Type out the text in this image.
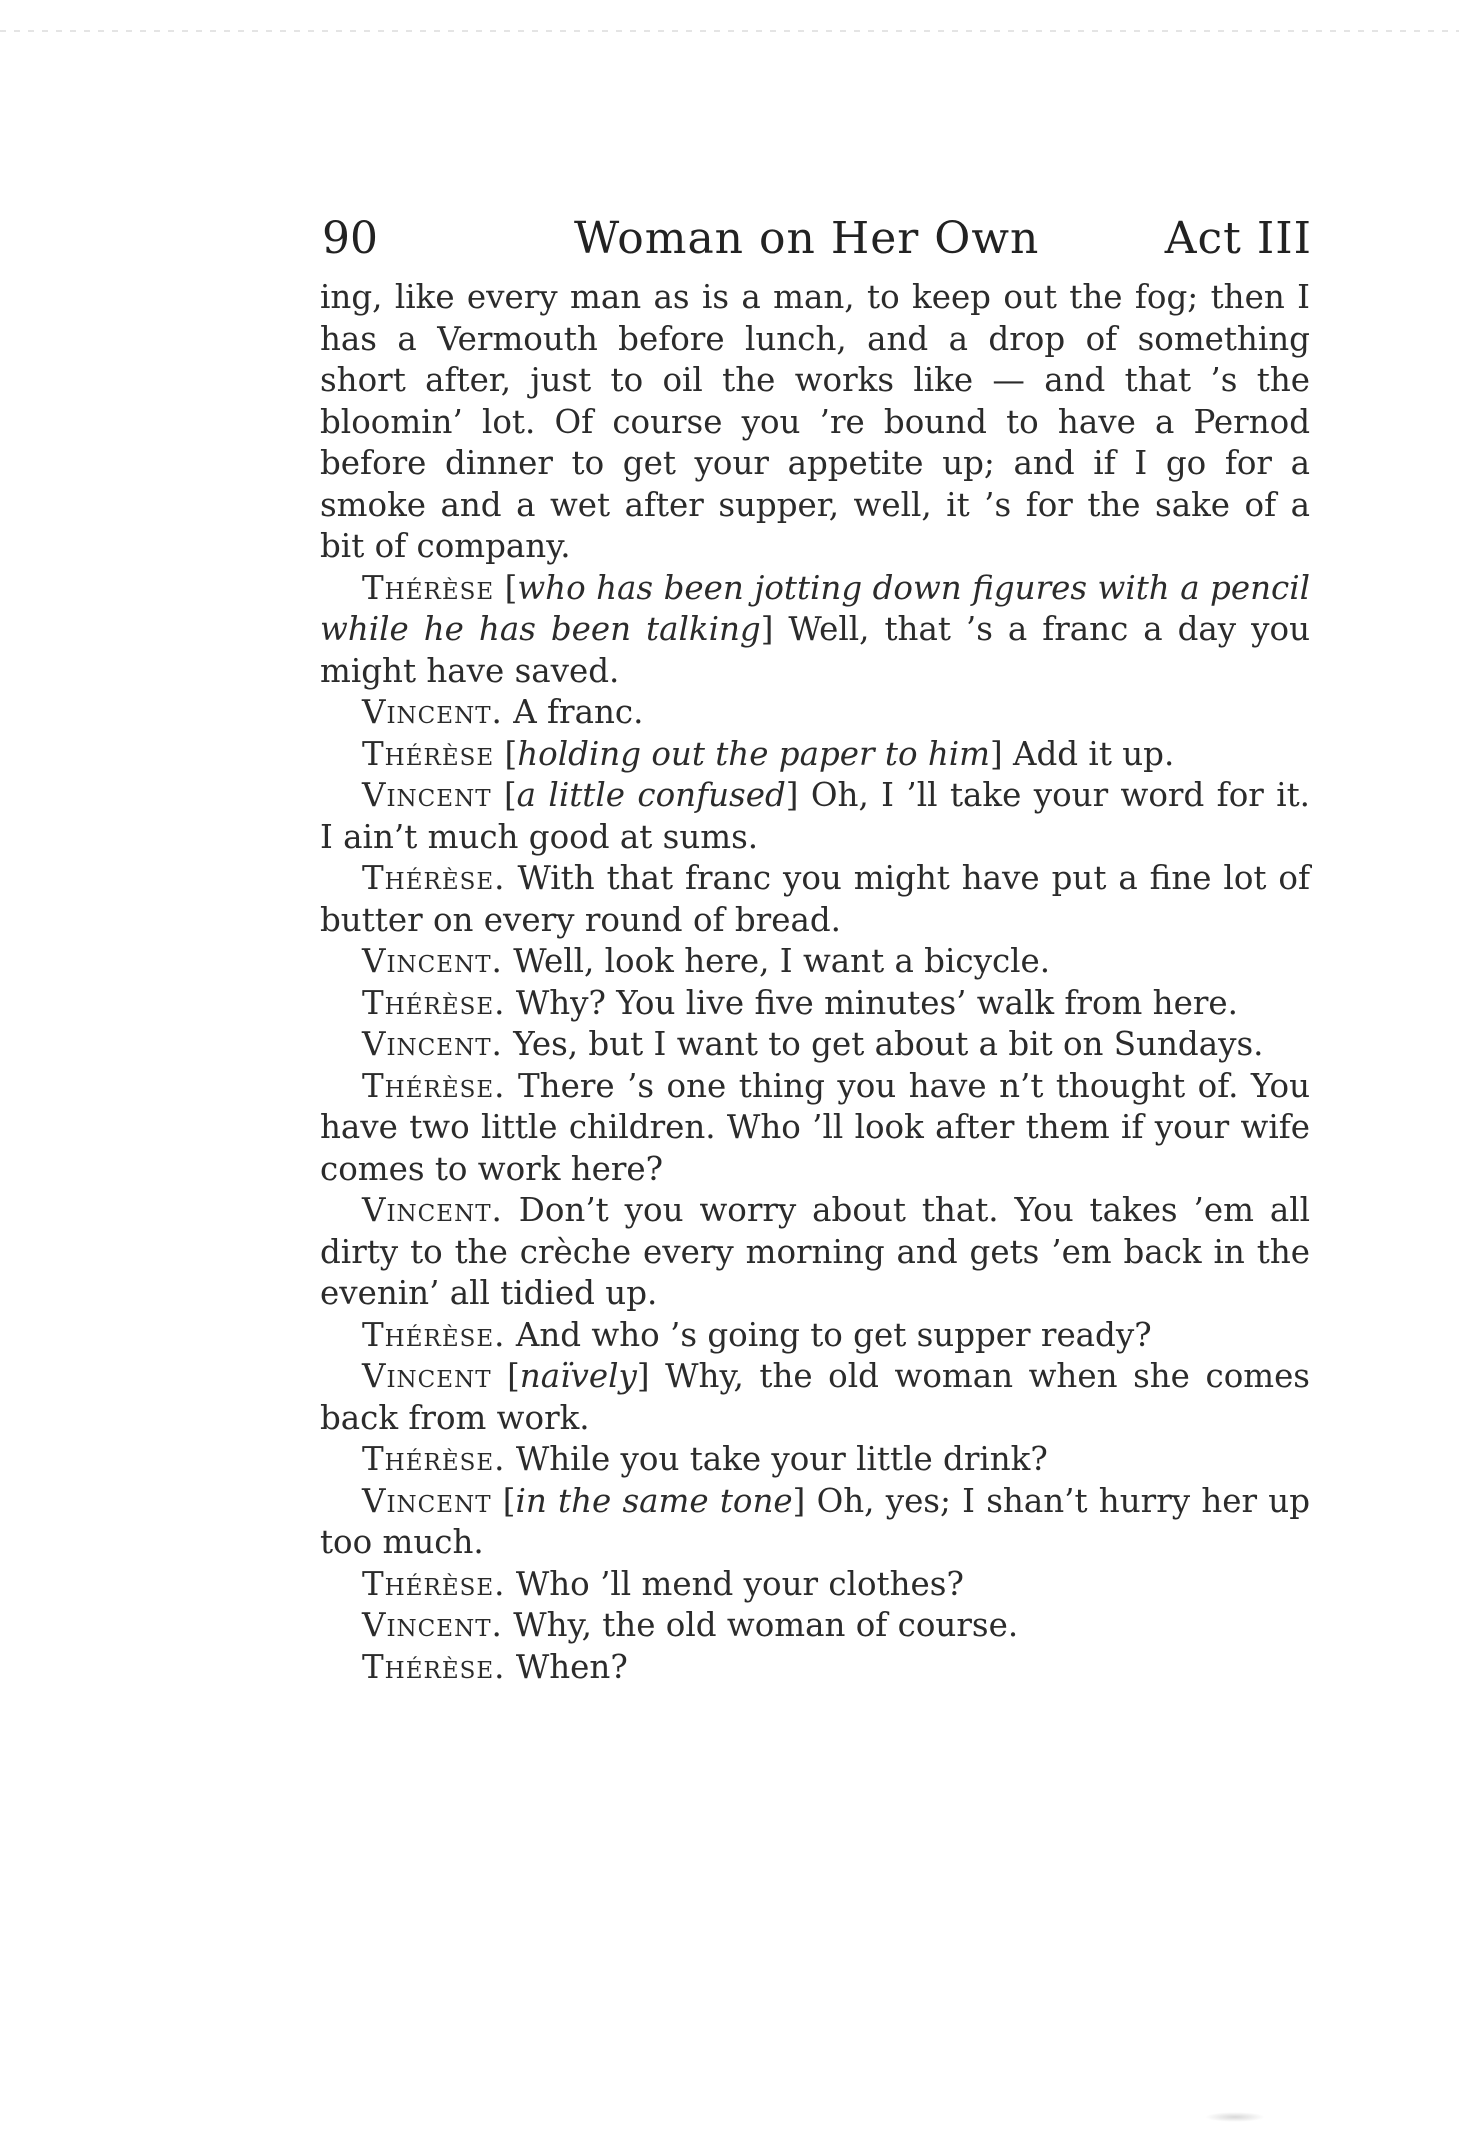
90	Woman on Her Own	Act III

ing, like every man as is a man, to keep out the fog; then I has a Vermouth before lunch, and a drop of something short after, just to oil the works like — and that ’s the bloomin’ lot. Of course you ’re bound to have a Pernod before dinner to get your appetite up; and if I go for a smoke and a wet after supper, well, it ’s for the sake of a bit of company.

Thérèse [who has been jotting down figures with a pencil while he has been talking] Well, that ’s a franc a day you might have saved.

Vincent. A franc.

Thérèse [holding out the paper to him] Add it up.

Vincent [a little confused] Oh, I ’ll take your word for it. I ain’t much good at sums.

Thérèse. With that franc you might have put a fine lot of butter on every round of bread.

Vincent. Well, look here, I want a bicycle.

Thérèse. Why? You live five minutes’ walk from here.

Vincent. Yes, but I want to get about a bit on Sundays.

Thérèse. There ’s one thing you have n’t thought of. You have two little children. Who ’ll look after them if your wife comes to work here?

Vincent. Don’t you worry about that. You takes ’em all dirty to the crèche every morning and gets ’em back in the evenin’ all tidied up.

Thérèse. And who ’s going to get supper ready?

Vincent [naïvely] Why, the old woman when she comes back from work.

Thérèse. While you take your little drink?

Vincent [in the same tone] Oh, yes; I shan’t hurry her up too much.

Thérèse. Who ’ll mend your clothes?

Vincent. Why, the old woman of course.

Thérèse. When?
